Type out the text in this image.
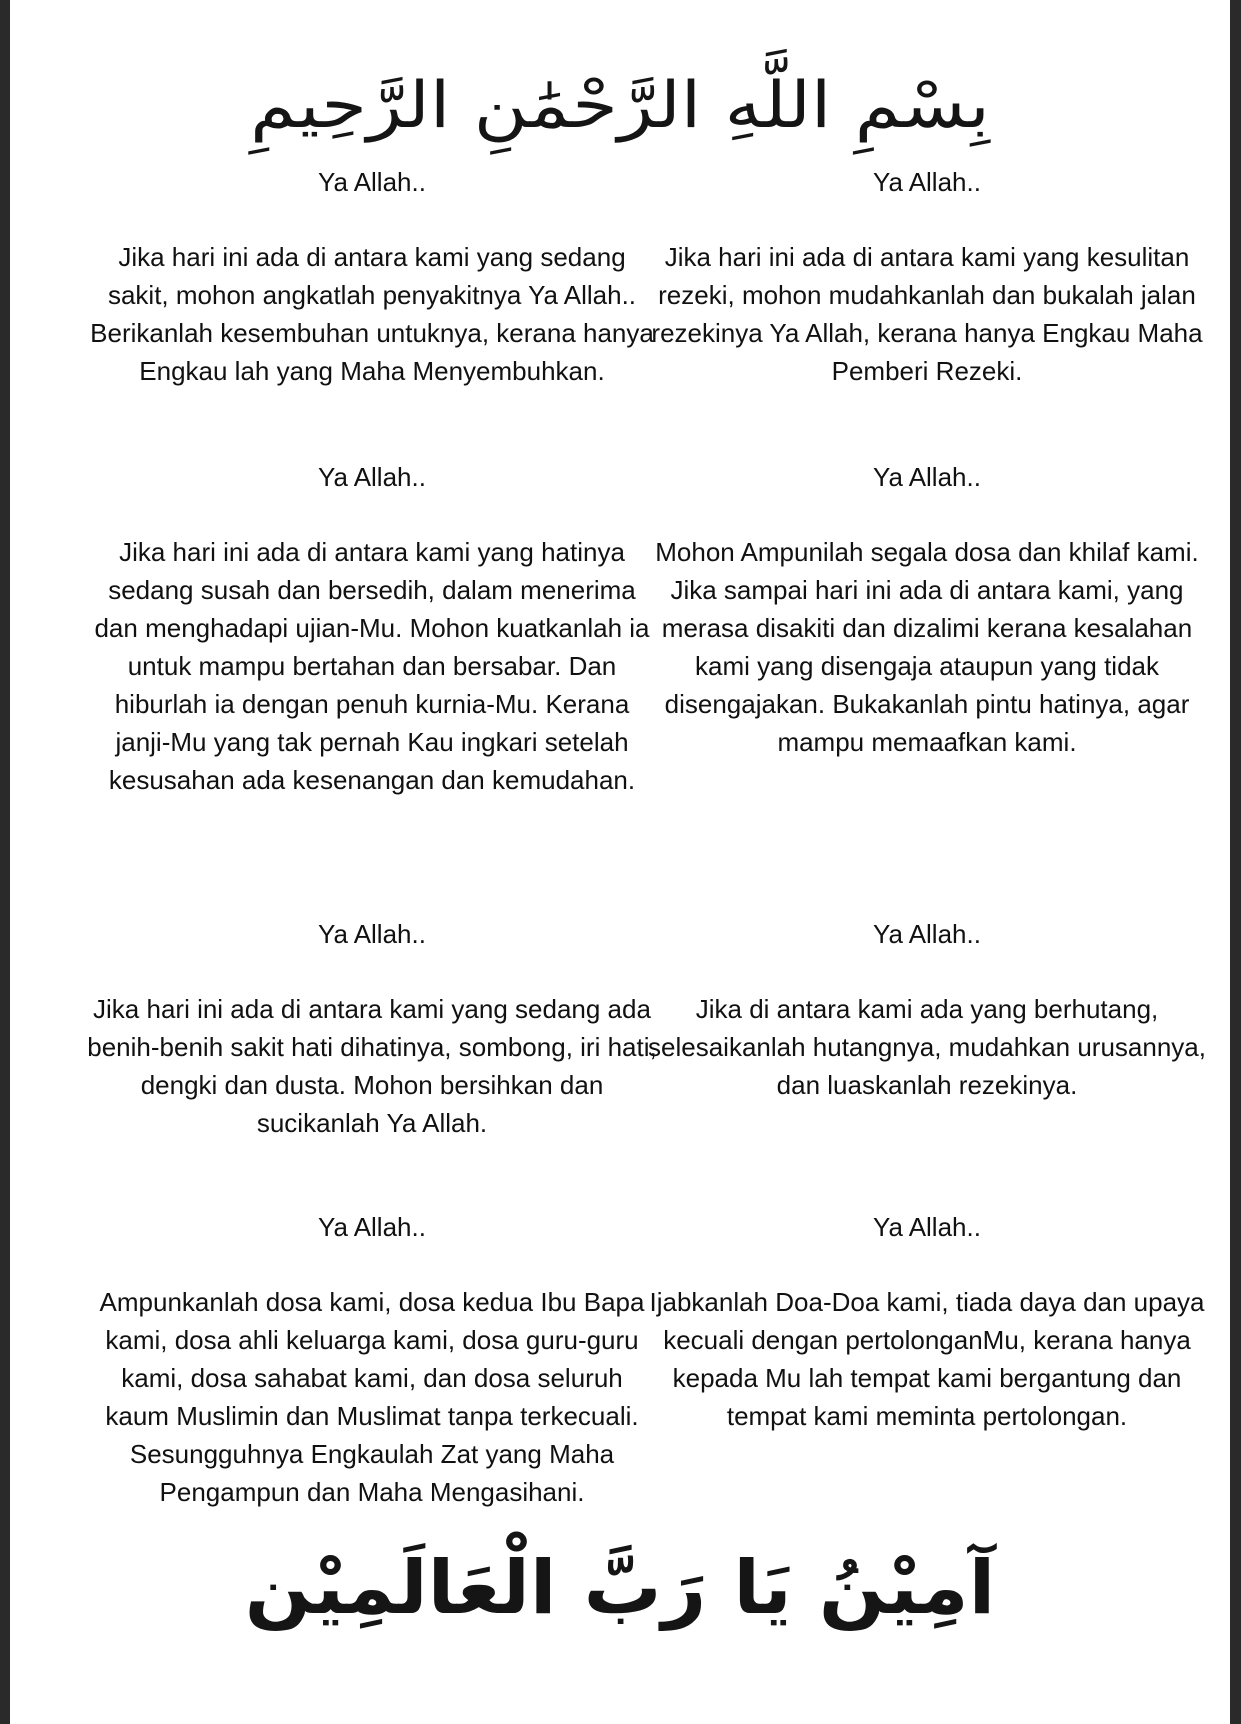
بِسْمِ اللَّهِ الرَّحْمَٰنِ الرَّحِيمِ

Ya Allah..

Jika hari ini ada di antara kami yang sedang sakit, mohon angkatlah penyakitnya Ya Allah.. Berikanlah kesembuhan untuknya, kerana hanya Engkau lah yang Maha Menyembuhkan.

Ya Allah..

Jika hari ini ada di antara kami yang kesulitan rezeki, mohon mudahkanlah dan bukalah jalan rezekinya Ya Allah, kerana hanya Engkau Maha Pemberi Rezeki.

Ya Allah..

Jika hari ini ada di antara kami yang hatinya sedang susah dan bersedih, dalam menerima dan menghadapi ujian-Mu. Mohon kuatkanlah ia untuk mampu bertahan dan bersabar. Dan hiburlah ia dengan penuh kurnia-Mu. Kerana janji-Mu yang tak pernah Kau ingkari setelah kesusahan ada kesenangan dan kemudahan.

Ya Allah..

Mohon Ampunilah segala dosa dan khilaf kami. Jika sampai hari ini ada di antara kami, yang merasa disakiti dan dizalimi kerana kesalahan kami yang disengaja ataupun yang tidak disengajakan. Bukakanlah pintu hatinya, agar mampu memaafkan kami.

Ya Allah..

Jika hari ini ada di antara kami yang sedang ada benih-benih sakit hati dihatinya, sombong, iri hati, dengki dan dusta. Mohon bersihkan dan sucikanlah Ya Allah.

Ya Allah..

Jika di antara kami ada yang berhutang, selesaikanlah hutangnya, mudahkan urusannya, dan luaskanlah rezekinya.

Ya Allah..

Ampunkanlah dosa kami, dosa kedua Ibu Bapa kami, dosa ahli keluarga kami, dosa guru-guru kami, dosa sahabat kami, dan dosa seluruh kaum Muslimin dan Muslimat tanpa terkecuali. Sesungguhnya Engkaulah Zat yang Maha Pengampun dan Maha Mengasihani.

Ya Allah..

Ijabkanlah Doa-Doa kami, tiada daya dan upaya kecuali dengan pertolonganMu, kerana hanya kepada Mu lah tempat kami bergantung dan tempat kami meminta pertolongan.

آمِيْنُ يَا رَبَّ الْعَالَمِيْن
